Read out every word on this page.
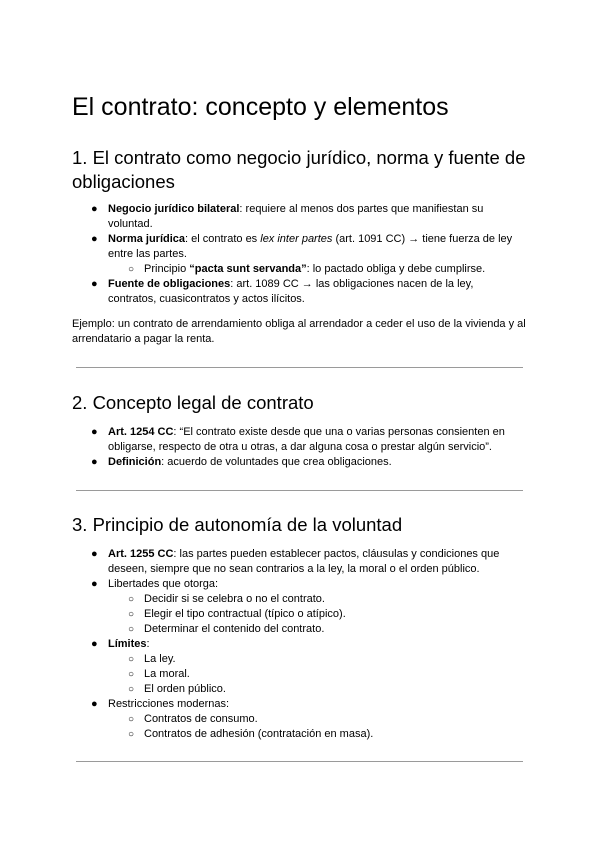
El contrato: concepto y elementos
1. El contrato como negocio jurídico, norma y fuente de obligaciones
● Negocio jurídico bilateral: requiere al menos dos partes que manifiestan su voluntad.
● Norma jurídica: el contrato es lex inter partes (art. 1091 CC) → tiene fuerza de ley entre las partes.
○ Principio “pacta sunt servanda”: lo pactado obliga y debe cumplirse.
● Fuente de obligaciones: art. 1089 CC → las obligaciones nacen de la ley, contratos, cuasicontratos y actos ilícitos.

Ejemplo: un contrato de arrendamiento obliga al arrendador a ceder el uso de la vivienda y al arrendatario a pagar la renta.

2. Concepto legal de contrato
● Art. 1254 CC: “El contrato existe desde que una o varias personas consienten en obligarse, respecto de otra u otras, a dar alguna cosa o prestar algún servicio”.
● Definición: acuerdo de voluntades que crea obligaciones.
3. Principio de autonomía de la voluntad
● Art. 1255 CC: las partes pueden establecer pactos, cláusulas y condiciones que deseen, siempre que no sean contrarios a la ley, la moral o el orden público.
● Libertades que otorga:
○ Decidir si se celebra o no el contrato.
○ Elegir el tipo contractual (típico o atípico).
○ Determinar el contenido del contrato.
● Límites:
○ La ley.
○ La moral.
○ El orden público.
● Restricciones modernas:
○ Contratos de consumo.
○ Contratos de adhesión (contratación en masa).
